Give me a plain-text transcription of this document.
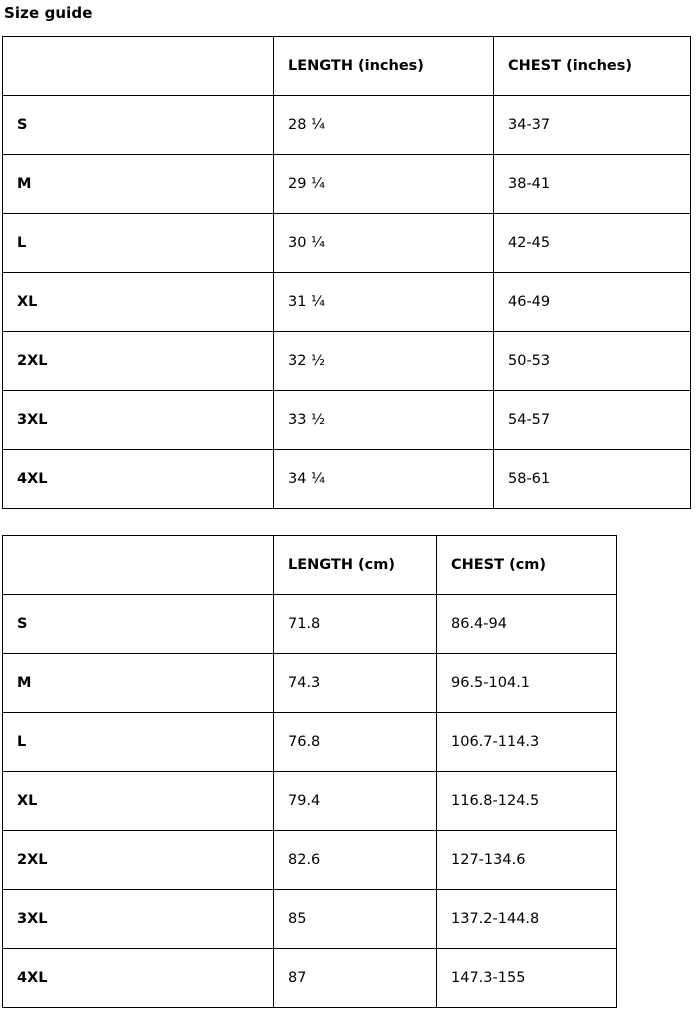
Size guide
	LENGTH (inches)	CHEST (inches)
S	28 ¼	34-37
M	29 ¼	38-41
L	30 ¼	42-45
XL	31 ¼	46-49
2XL	32 ½	50-53
3XL	33 ½	54-57
4XL	34 ¼	58-61
	LENGTH (cm)	CHEST (cm)
S	71.8	86.4-94
M	74.3	96.5-104.1
L	76.8	106.7-114.3
XL	79.4	116.8-124.5
2XL	82.6	127-134.6
3XL	85	137.2-144.8
4XL	87	147.3-155
